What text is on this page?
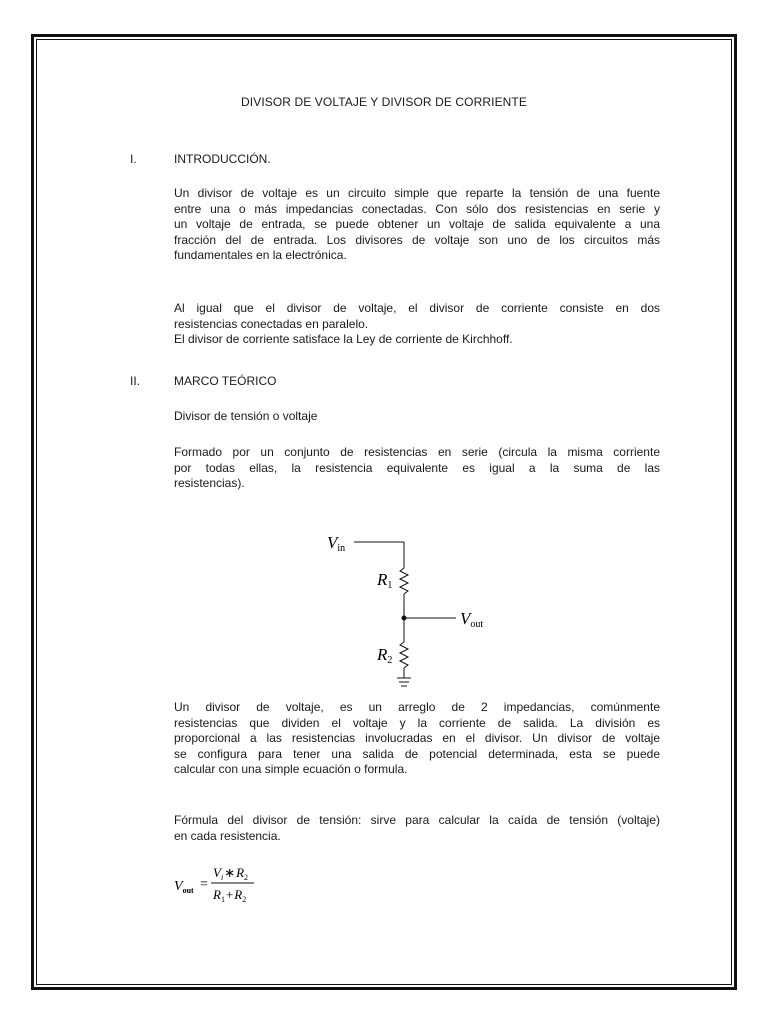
DIVISOR DE VOLTAJE Y DIVISOR DE CORRIENTE
I.	INTRODUCCIÓN.
Un divisor de voltaje es un circuito simple que reparte la tensión de una fuente
entre una o más impedancias conectadas. Con sólo dos resistencias en serie y
un voltaje de entrada, se puede obtener un voltaje de salida equivalente a una
fracción del de entrada. Los divisores de voltaje son uno de los circuitos más
fundamentales en la electrónica.
Al igual que el divisor de voltaje, el divisor de corriente consiste en dos
resistencias conectadas en paralelo.
El divisor de corriente satisface la Ley de corriente de Kirchhoff.
II.	MARCO TEÓRICO
Divisor de tensión o voltaje
Formado por un conjunto de resistencias en serie (circula la misma corriente
por todas ellas, la resistencia equivalente es igual a la suma de las
resistencias).
Vin
R1
Vout
R2
Un divisor de voltaje, es un arreglo de 2 impedancias, comúnmente
resistencias que dividen el voltaje y la corriente de salida. La división es
proporcional a las resistencias involucradas en el divisor. Un divisor de voltaje
se configura para tener una salida de potencial determinada, esta se puede
calcular con una simple ecuación o formula.
Fórmula del divisor de tensión: sirve para calcular la caída de tensión (voltaje)
en cada resistencia.
$V_{out}$ =
$V_i∗R_2$
$R_1+R_2$
